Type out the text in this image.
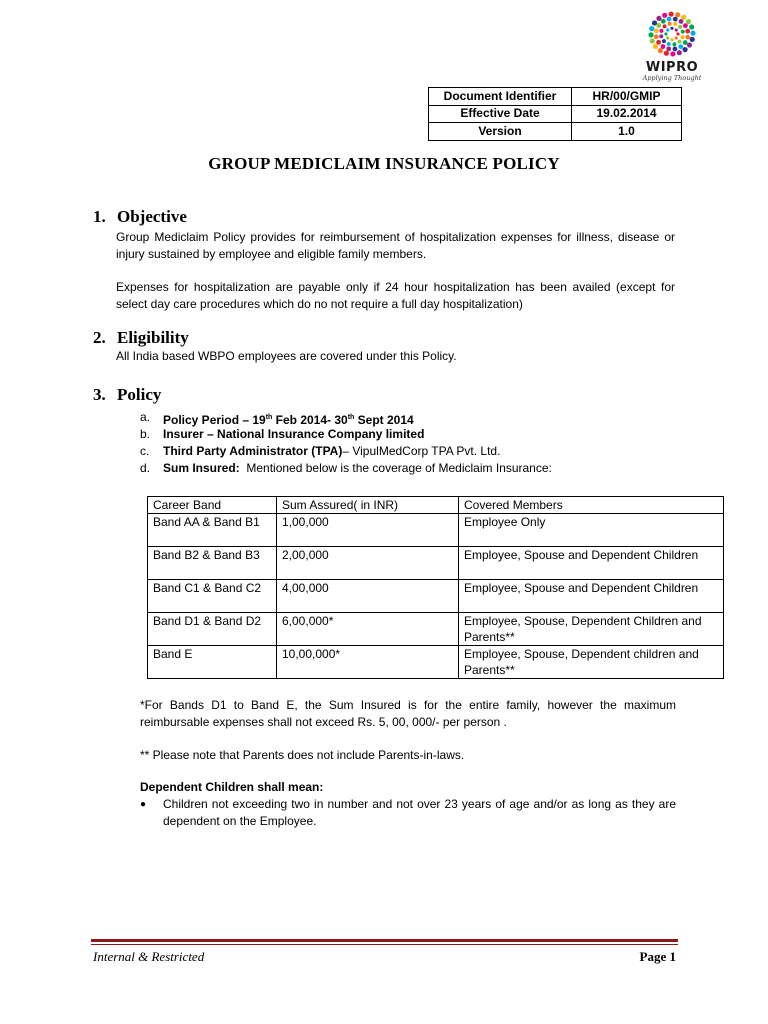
WIPRO
Applying Thought
Document Identifier	HR/00/GMIP
Effective Date	19.02.2014
Version	1.0
GROUP MEDICLAIM INSURANCE POLICY
1. Objective
Group Mediclaim Policy provides for reimbursement of hospitalization expenses for illness, disease or injury sustained by employee and eligible family members.
Expenses for hospitalization are payable only if 24 hour hospitalization has been availed (except for select day care procedures which do no not require a full day hospitalization)
2. Eligibility
All India based WBPO employees are covered under this Policy.
3. Policy
a.	Policy Period – 19th Feb 2014- 30th Sept 2014
b.	Insurer – National Insurance Company limited
c.	Third Party Administrator (TPA)– VipulMedCorp TPA Pvt. Ltd.
d.	Sum Insured:  Mentioned below is the coverage of Mediclaim Insurance:
Career Band	Sum Assured( in INR)	Covered Members
Band AA & Band B1	1,00,000	Employee Only
Band B2 & Band B3	2,00,000	Employee, Spouse and Dependent Children
Band C1 & Band C2	4,00,000	Employee, Spouse and Dependent Children
Band D1 & Band D2	6,00,000*	Employee, Spouse, Dependent Children and Parents**
Band E	10,00,000*	Employee, Spouse, Dependent children and Parents**
*For Bands D1 to Band E, the Sum Insured is for the entire family, however the maximum reimbursable expenses shall not exceed Rs. 5, 00, 000/- per person .
** Please note that Parents does not include Parents-in-laws.
Dependent Children shall mean:
●	Children not exceeding two in number and not over 23 years of age and/or as long as they are dependent on the Employee.
Internal & Restricted	Page 1
